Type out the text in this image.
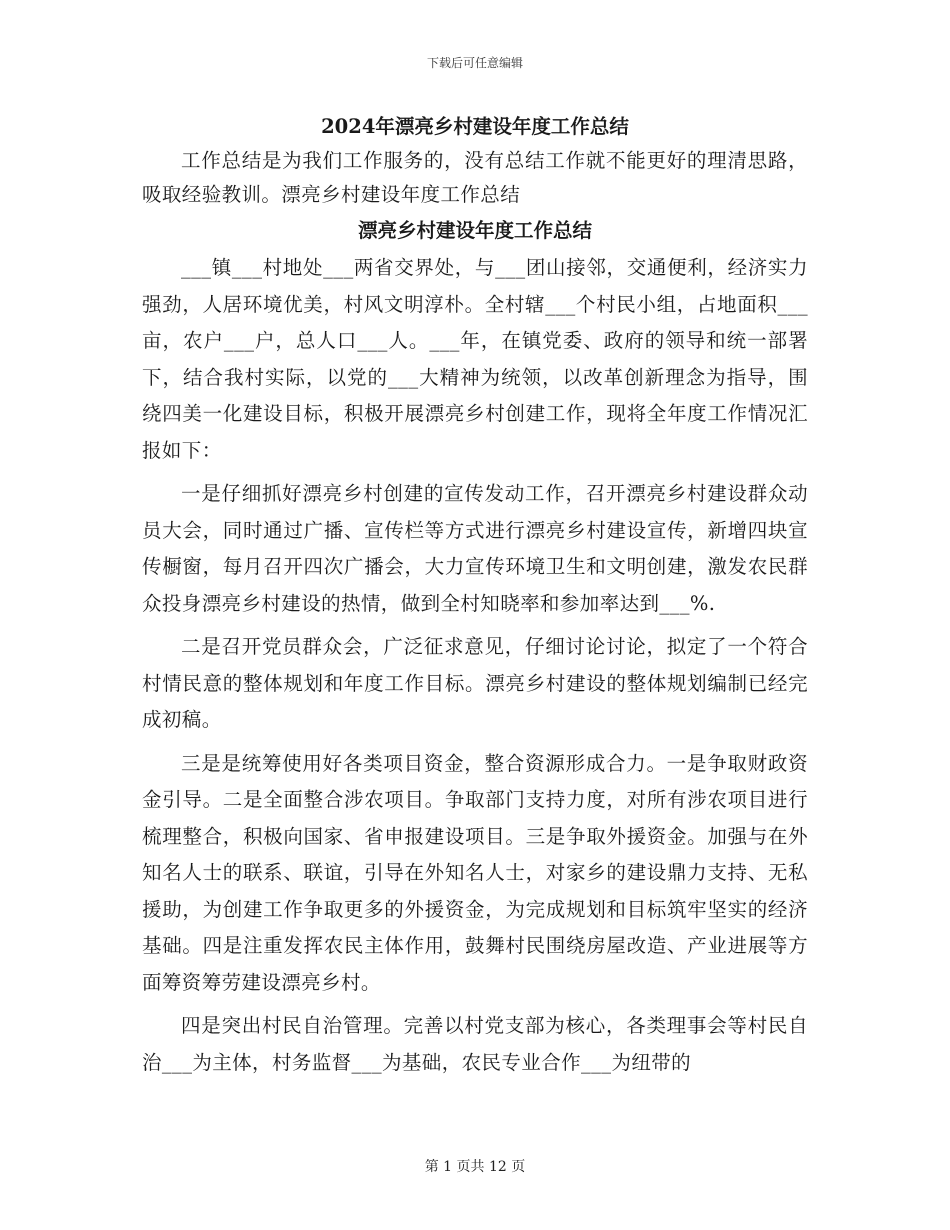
下载后可任意编辑
2024年漂亮乡村建设年度工作总结

工作总结是为我们工作服务的，没有总结工作就不能更好的理清思路，吸取经验教训。漂亮乡村建设年度工作总结

漂亮乡村建设年度工作总结

___镇___村地处___两省交界处，与___团山接邻，交通便利，经济实力强劲，人居环境优美，村风文明淳朴。全村辖___个村民小组，占地面积___亩，农户___户，总人口___人。___年，在镇党委、政府的领导和统一部署下，结合我村实际，以党的___大精神为统领，以改革创新理念为指导，围绕四美一化建设目标，积极开展漂亮乡村创建工作，现将全年度工作情况汇报如下：

一是仔细抓好漂亮乡村创建的宣传发动工作，召开漂亮乡村建设群众动员大会，同时通过广播、宣传栏等方式进行漂亮乡村建设宣传，新增四块宣传橱窗，每月召开四次广播会，大力宣传环境卫生和文明创建，激发农民群众投身漂亮乡村建设的热情，做到全村知晓率和参加率达到___%.

二是召开党员群众会，广泛征求意见，仔细讨论讨论，拟定了一个符合村情民意的整体规划和年度工作目标。漂亮乡村建设的整体规划编制已经完成初稿。

三是是统筹使用好各类项目资金，整合资源形成合力。一是争取财政资金引导。二是全面整合涉农项目。争取部门支持力度，对所有涉农项目进行梳理整合，积极向国家、省申报建设项目。三是争取外援资金。加强与在外知名人士的联系、联谊，引导在外知名人士，对家乡的建设鼎力支持、无私援助，为创建工作争取更多的外援资金，为完成规划和目标筑牢坚实的经济基础。四是注重发挥农民主体作用，鼓舞村民围绕房屋改造、产业进展等方面筹资筹劳建设漂亮乡村。

四是突出村民自治管理。完善以村党支部为核心，各类理事会等村民自治___为主体，村务监督___为基础，农民专业合作___为纽带的

第 1 页共 12 页
